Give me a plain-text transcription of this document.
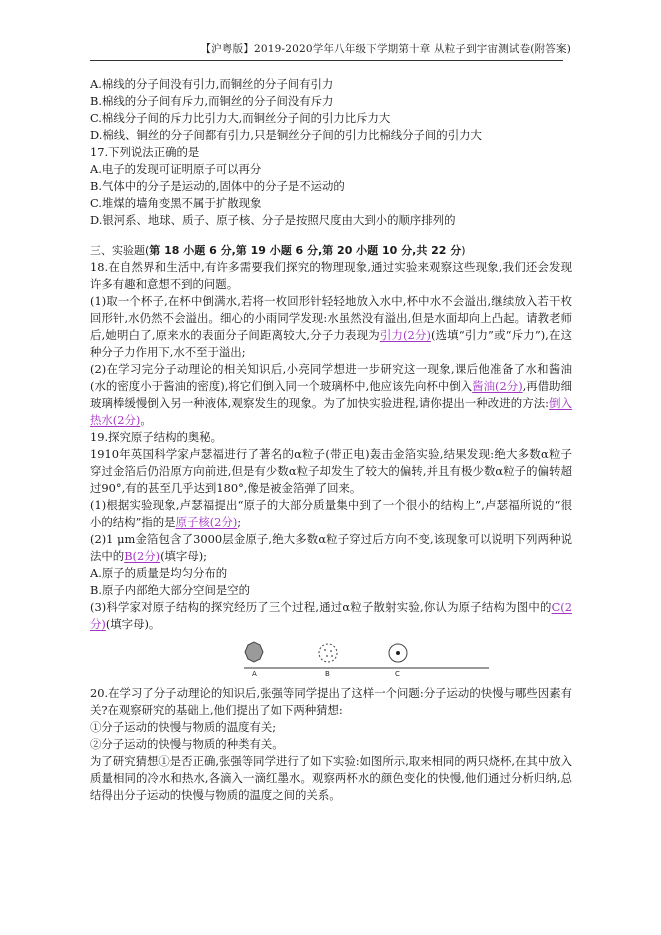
【沪粤版】2019-2020学年八年级下学期第十章 从粒子到宇宙测试卷(附答案)
A.棉线的分子间没有引力,而铜丝的分子间有引力
B.棉线的分子间有斥力,而铜丝的分子间没有斥力
C.棉线分子间的斥力比引力大,而铜丝分子间的引力比斥力大
D.棉线、铜丝的分子间都有引力,只是铜丝分子间的引力比棉线分子间的引力大
17.下列说法正确的是
A.电子的发现可证明原子可以再分
B.气体中的分子是运动的,固体中的分子是不运动的
C.堆煤的墙角变黑不属于扩散现象
D.银河系、地球、质子、原子核、分子是按照尺度由大到小的顺序排列的
三、实验题(第 18 小题 6 分,第 19 小题 6 分,第 20 小题 10 分,共 22 分)
18.在自然界和生活中,有许多需要我们探究的物理现象,通过实验来观察这些现象,我们还会发现许多有趣和意想不到的问题。
(1)取一个杯子,在杯中倒满水,若将一枚回形针轻轻地放入水中,杯中水不会溢出,继续放入若干枚回形针,水仍然不会溢出。细心的小雨同学发现:水虽然没有溢出,但是水面却向上凸起。请教老师后,她明白了,原来水的表面分子间距离较大,分子力表现为引力(2分)(选填“引力”或“斥力”),在这种分子力作用下,水不至于溢出;
(2)在学习完分子动理论的相关知识后,小亮同学想进一步研究这一现象,课后他准备了水和酱油(水的密度小于酱油的密度),将它们倒入同一个玻璃杯中,他应该先向杯中倒入酱油(2分),再借助细玻璃棒缓慢倒入另一种液体,观察发生的现象。为了加快实验进程,请你提出一种改进的方法:倒入热水(2分)。
19.探究原子结构的奥秘。
1910年英国科学家卢瑟福进行了著名的α粒子(带正电)轰击金箔实验,结果发现:绝大多数α粒子穿过金箔后仍沿原方向前进,但是有少数α粒子却发生了较大的偏转,并且有极少数α粒子的偏转超过90°,有的甚至几乎达到180°,像是被金箔弹了回来。
(1)根据实验现象,卢瑟福提出“原子的大部分质量集中到了一个很小的结构上”,卢瑟福所说的“很小的结构”指的是原子核(2分);
(2)1 μm金箔包含了3000层金原子,绝大多数α粒子穿过后方向不变,该现象可以说明下列两种说法中的B(2分)(填字母);
A.原子的质量是均匀分布的
B.原子内部绝大部分空间是空的
(3)科学家对原子结构的探究经历了三个过程,通过α粒子散射实验,你认为原子结构为图中的C(2分)(填字母)。
A	B	C
20.在学习了分子动理论的知识后,张强等同学提出了这样一个问题:分子运动的快慢与哪些因素有关?在观察研究的基础上,他们提出了如下两种猜想:
①分子运动的快慢与物质的温度有关;
②分子运动的快慢与物质的种类有关。
为了研究猜想①是否正确,张强等同学进行了如下实验:如图所示,取来相同的两只烧杯,在其中放入质量相同的冷水和热水,各滴入一滴红墨水。观察两杯水的颜色变化的快慢,他们通过分析归纳,总结得出分子运动的快慢与物质的温度之间的关系。
